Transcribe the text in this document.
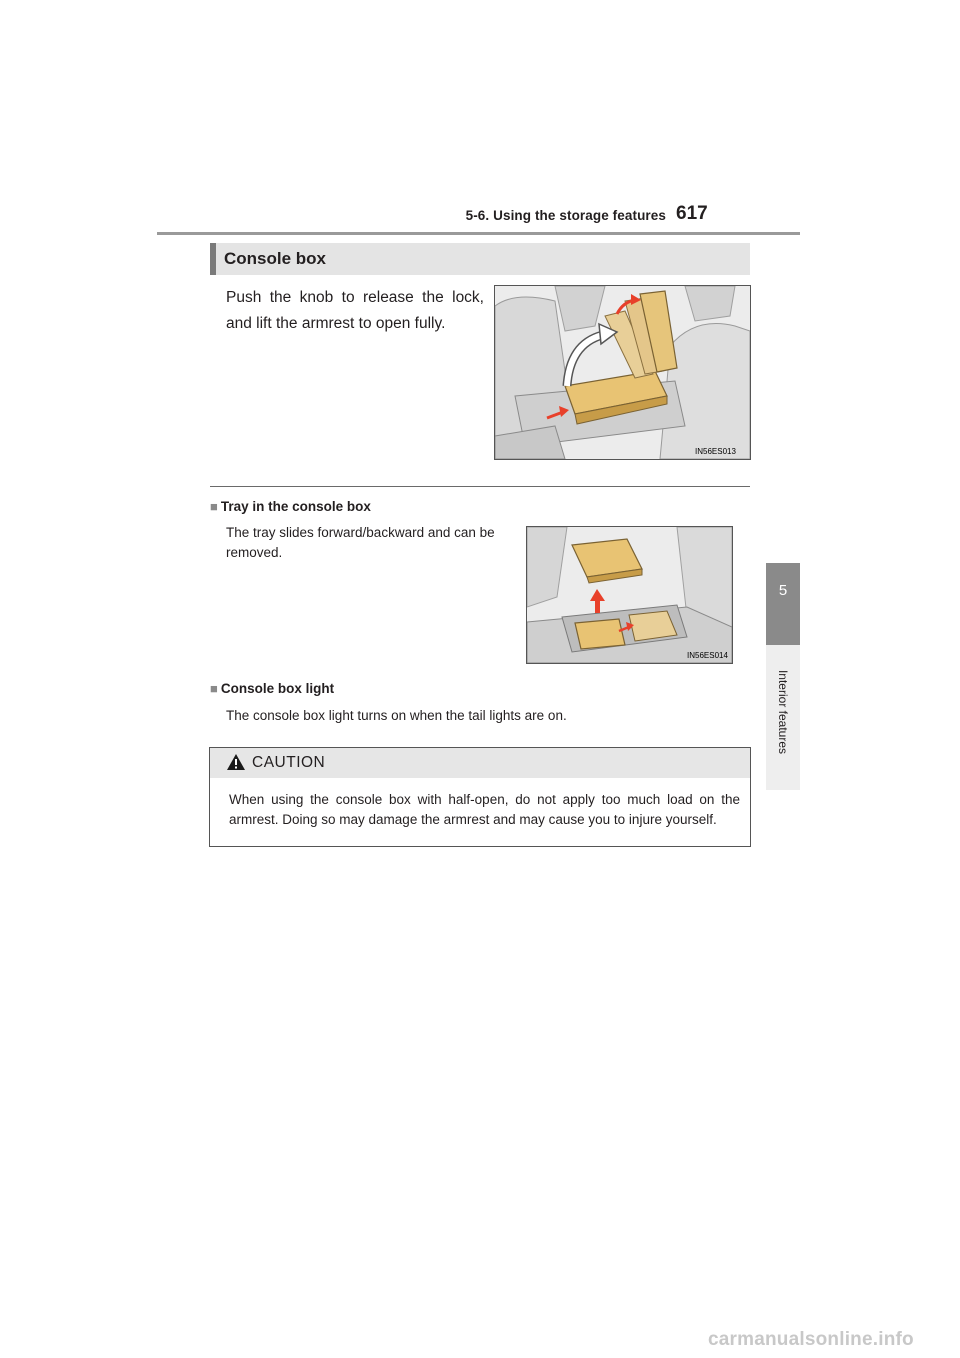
5-6. Using the storage features 617
5
Interior features
Console box
Push the knob to release the lock, and lift the armrest to open fully.
IN56ES013
■ Tray in the console box
The tray slides forward/backward and can be removed.
IN56ES014
■ Console box light
The console box light turns on when the tail lights are on.
CAUTION
When using the console box with half-open, do not apply too much load on the armrest. Doing so may damage the armrest and may cause you to injure yourself.
carmanualsonline.info
